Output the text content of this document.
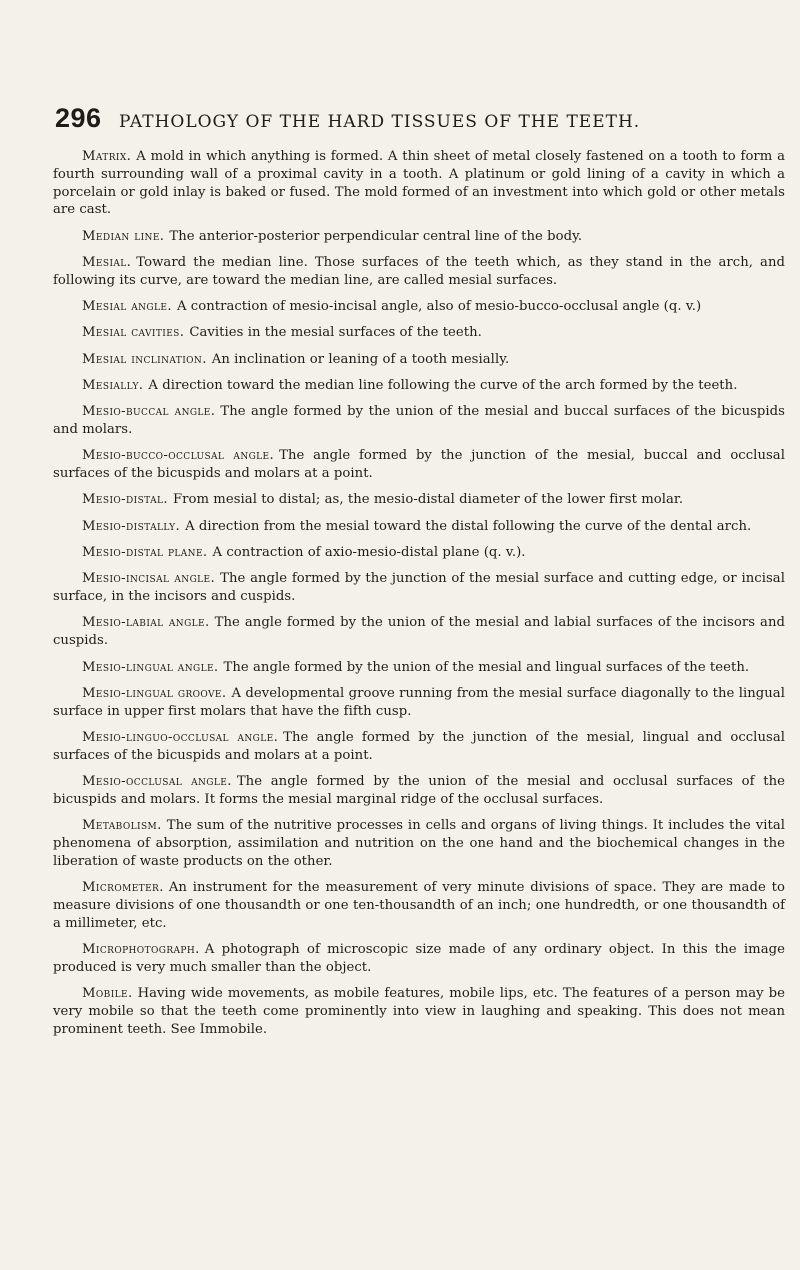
296	PATHOLOGY OF THE HARD TISSUES OF THE TEETH.

Matrix. A mold in which anything is formed. A thin sheet of metal closely fastened on a tooth to form a fourth surrounding wall of a proximal cavity in a tooth. A platinum or gold lining of a cavity in which a porcelain or gold inlay is baked or fused. The mold formed of an investment into which gold or other metals are cast.

Median line. The anterior-posterior perpendicular central line of the body.

Mesial. Toward the median line. Those surfaces of the teeth which, as they stand in the arch, and following its curve, are toward the median line, are called mesial surfaces.

Mesial angle. A contraction of mesio-incisal angle, also of mesio-bucco-occlusal angle (q. v.)

Mesial cavities. Cavities in the mesial surfaces of the teeth.

Mesial inclination. An inclination or leaning of a tooth mesially.

Mesially. A direction toward the median line following the curve of the arch formed by the teeth.

Mesio-buccal angle. The angle formed by the union of the mesial and buccal surfaces of the bicuspids and molars.

Mesio-bucco-occlusal angle. The angle formed by the junction of the mesial, buccal and occlusal surfaces of the bicuspids and molars at a point.

Mesio-distal. From mesial to distal; as, the mesio-distal diameter of the lower first molar.

Mesio-distally. A direction from the mesial toward the distal following the curve of the dental arch.

Mesio-distal plane. A contraction of axio-mesio-distal plane (q. v.).

Mesio-incisal angle. The angle formed by the junction of the mesial surface and cutting edge, or incisal surface, in the incisors and cuspids.

Mesio-labial angle. The angle formed by the union of the mesial and labial surfaces of the incisors and cuspids.

Mesio-lingual angle. The angle formed by the union of the mesial and lingual surfaces of the teeth.

Mesio-lingual groove. A developmental groove running from the mesial surface diagonally to the lingual surface in upper first molars that have the fifth cusp.

Mesio-linguo-occlusal angle. The angle formed by the junction of the mesial, lingual and occlusal surfaces of the bicuspids and molars at a point.

Mesio-occlusal angle. The angle formed by the union of the mesial and occlusal surfaces of the bicuspids and molars. It forms the mesial marginal ridge of the occlusal surfaces.

Metabolism. The sum of the nutritive processes in cells and organs of living things. It includes the vital phenomena of absorption, assimilation and nutrition on the one hand and the biochemical changes in the liberation of waste products on the other.

Micrometer. An instrument for the measurement of very minute divisions of space. They are made to measure divisions of one thousandth or one ten-thousandth of an inch; one hundredth, or one thousandth of a millimeter, etc.

Microphotograph. A photograph of microscopic size made of any ordinary object. In this the image produced is very much smaller than the object.

Mobile. Having wide movements, as mobile features, mobile lips, etc. The features of a person may be very mobile so that the teeth come prominently into view in laughing and speaking. This does not mean prominent teeth. See Immobile.
